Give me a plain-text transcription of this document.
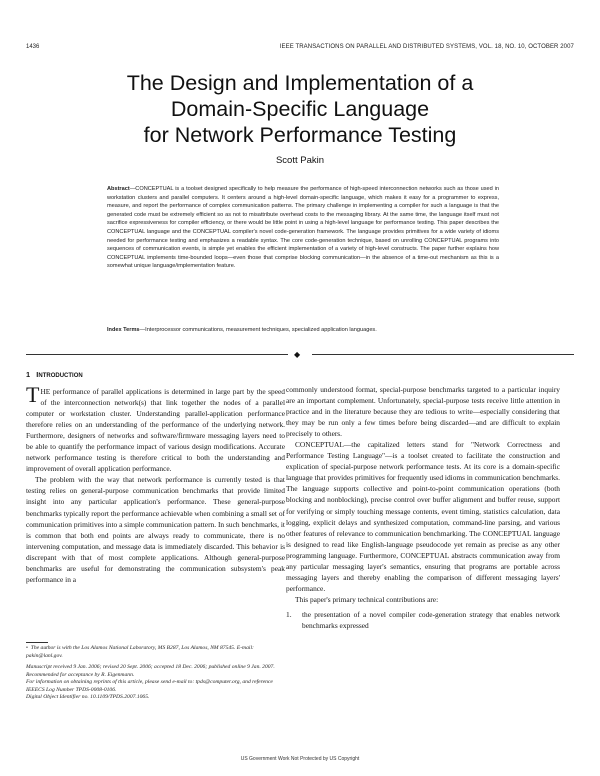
1436	IEEE TRANSACTIONS ON PARALLEL AND DISTRIBUTED SYSTEMS, VOL. 18, NO. 10, OCTOBER 2007
The Design and Implementation of a
Domain-Specific Language
for Network Performance Testing
Scott Pakin
Abstract—CONCEPTUAL is a toolset designed specifically to help measure the performance of high-speed interconnection networks such as those used in workstation clusters and parallel computers. It centers around a high-level domain-specific language, which makes it easy for a programmer to express, measure, and report the performance of complex communication patterns. The primary challenge in implementing a compiler for such a language is that the generated code must be extremely efficient so as not to misattribute overhead costs to the messaging library. At the same time, the language itself must not sacrifice expressiveness for compiler efficiency, or there would be little point in using a high-level language for performance testing. This paper describes the CONCEPTUAL language and the CONCEPTUAL compiler's novel code-generation framework. The language provides primitives for a wide variety of idioms needed for performance testing and emphasizes a readable syntax. The core code-generation technique, based on unrolling CONCEPTUAL programs into sequences of communication events, is simple yet enables the efficient implementation of a variety of high-level constructs. The paper further explains how CONCEPTUAL implements time-bounded loops—even those that comprise blocking communication—in the absence of a time-out mechanism as this is a somewhat unique language/implementation feature.
Index Terms—Interprocessor communications, measurement techniques, specialized application languages.
◆
1 INTRODUCTION

THE performance of parallel applications is determined in large part by the speed of the interconnection network(s) that link together the nodes of a parallel computer or workstation cluster. Understanding parallel-application performance therefore relies on an understanding of the performance of the underlying network. Furthermore, designers of networks and software/firmware messaging layers need to be able to quantify the performance impact of various design modifications. Accurate network performance testing is therefore critical to both the understanding and improvement of overall application performance.

The problem with the way that network performance is currently tested is that testing relies on general-purpose communication benchmarks that provide limited insight into any particular application's performance. These general-purpose benchmarks typically report the performance achievable when combining a small set of communication primitives into a simple communication pattern. In such benchmarks, it is common that both end points are always ready to communicate, there is no intervening computation, and message data is immediately discarded. This behavior is discrepant with that of most complete applications. Although general-purpose benchmarks are useful for demonstrating the communication subsystem's peak performance in a

•  The author is with the Los Alamos National Laboratory, MS B287, Los Alamos, NM 87545. E-mail: pakin@lanl.gov.
Manuscript received 9 Jan. 2006; revised 20 Sept. 2006; accepted 18 Dec. 2006; published online 9 Jan. 2007.
Recommended for acceptance by R. Eigenmann.
For information on obtaining reprints of this article, please send e-mail to: tpds@computer.org, and reference IEEECS Log Number TPDS-0008-0106.
Digital Object Identifier no. 10.1109/TPDS.2007.1065.

commonly understood format, special-purpose benchmarks targeted to a particular inquiry are an important complement. Unfortunately, special-purpose tests receive little attention in practice and in the literature because they are tedious to write—especially considering that they may be run only a few times before being discarded—and are difficult to explain precisely to others.

CONCEPTUAL—the capitalized letters stand for "Network Correctness and Performance Testing Language"—is a toolset created to facilitate the construction and explication of special-purpose network performance tests. At its core is a domain-specific language that provides primitives for frequently used idioms in communication benchmarks. The language supports collective and point-to-point communication operations (both blocking and nonblocking), precise control over buffer alignment and buffer reuse, support for verifying or simply touching message contents, event timing, statistics calculation, data logging, explicit delays and synthesized computation, command-line parsing, and various other features of relevance to communication benchmarking. The CONCEPTUAL language is designed to read like English-language pseudocode yet remain as precise as any other programming language. Furthermore, CONCEPTUAL abstracts communication away from any particular messaging layer's semantics, ensuring that programs are portable across messaging layers and thereby enabling the comparison of different messaging layers' performance.

This paper's primary technical contributions are:

1.	the presentation of a novel compiler code-generation strategy that enables network benchmarks expressed
US Government Work Not Protected by US Copyright
